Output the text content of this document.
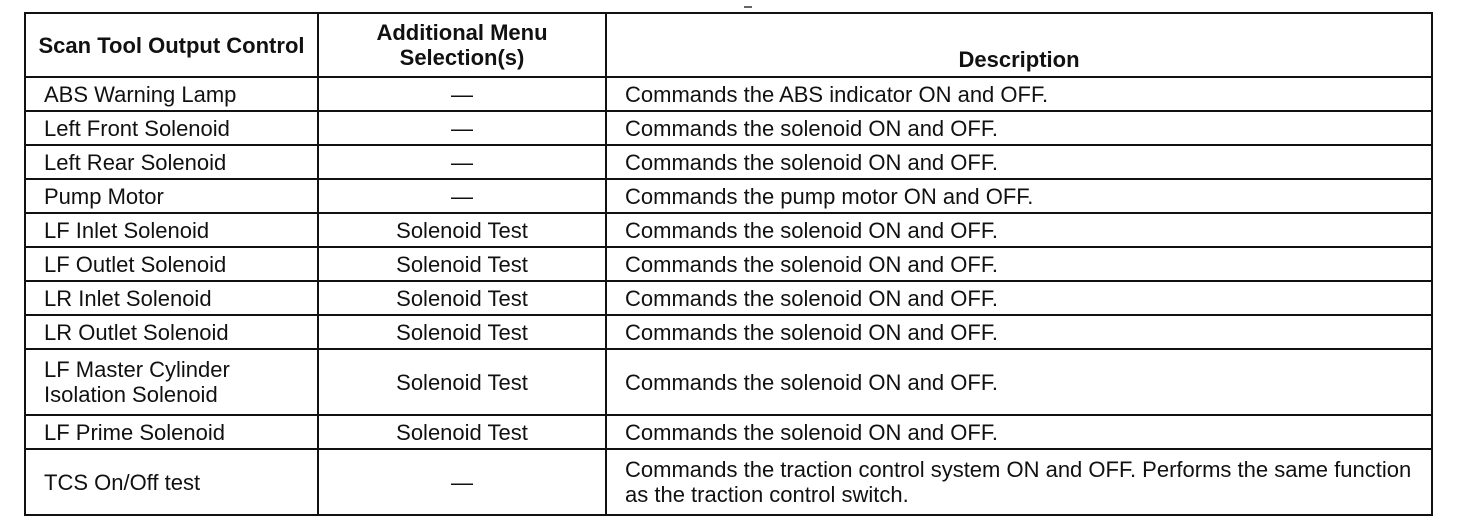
Scan Tool Output Control	Additional Menu Selection(s)	Description
ABS Warning Lamp	—	Commands the ABS indicator ON and OFF.
Left Front Solenoid	—	Commands the solenoid ON and OFF.
Left Rear Solenoid	—	Commands the solenoid ON and OFF.
Pump Motor	—	Commands the pump motor ON and OFF.
LF Inlet Solenoid	Solenoid Test	Commands the solenoid ON and OFF.
LF Outlet Solenoid	Solenoid Test	Commands the solenoid ON and OFF.
LR Inlet Solenoid	Solenoid Test	Commands the solenoid ON and OFF.
LR Outlet Solenoid	Solenoid Test	Commands the solenoid ON and OFF.
LF Master Cylinder Isolation Solenoid	Solenoid Test	Commands the solenoid ON and OFF.
LF Prime Solenoid	Solenoid Test	Commands the solenoid ON and OFF.
TCS On/Off test	—	Commands the traction control system ON and OFF. Performs the same function as the traction control switch.
